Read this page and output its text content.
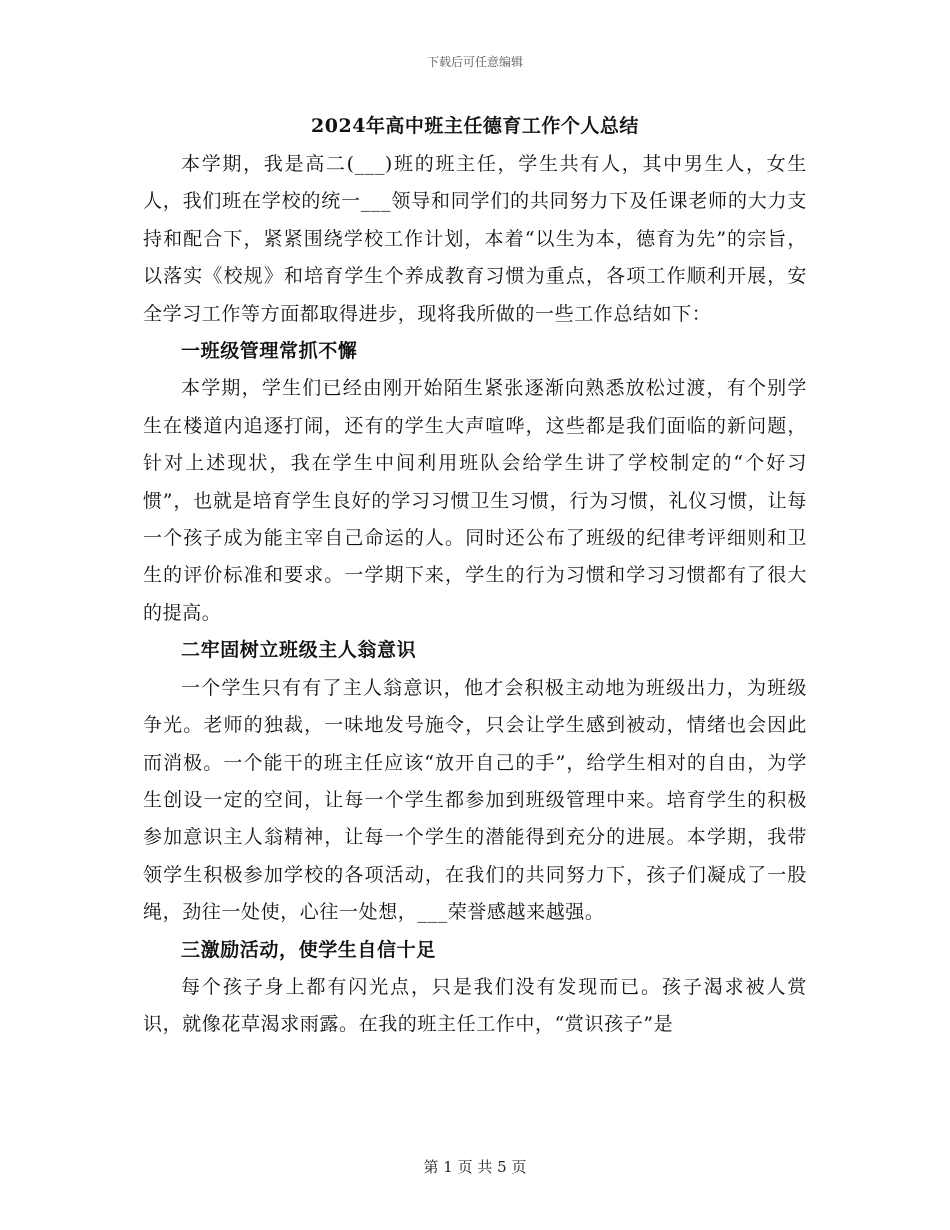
下载后可任意编辑
2024年高中班主任德育工作个人总结

本学期，我是高二(___)班的班主任，学生共有人，其中男生人，女生人，我们班在学校的统一___领导和同学们的共同努力下及任课老师的大力支持和配合下，紧紧围绕学校工作计划，本着“以生为本，德育为先”的宗旨，以落实《校规》和培育学生个养成教育习惯为重点，各项工作顺利开展，安全学习工作等方面都取得进步，现将我所做的一些工作总结如下：

一班级管理常抓不懈

本学期，学生们已经由刚开始陌生紧张逐渐向熟悉放松过渡，有个别学生在楼道内追逐打闹，还有的学生大声喧哗，这些都是我们面临的新问题，针对上述现状，我在学生中间利用班队会给学生讲了学校制定的“个好习惯”，也就是培育学生良好的学习习惯卫生习惯，行为习惯，礼仪习惯，让每一个孩子成为能主宰自己命运的人。同时还公布了班级的纪律考评细则和卫生的评价标准和要求。一学期下来，学生的行为习惯和学习习惯都有了很大的提高。

二牢固树立班级主人翁意识

一个学生只有有了主人翁意识，他才会积极主动地为班级出力，为班级争光。老师的独裁，一味地发号施令，只会让学生感到被动，情绪也会因此而消极。一个能干的班主任应该“放开自己的手”，给学生相对的自由，为学生创设一定的空间，让每一个学生都参加到班级管理中来。培育学生的积极参加意识主人翁精神，让每一个学生的潜能得到充分的进展。本学期，我带领学生积极参加学校的各项活动，在我们的共同努力下，孩子们凝成了一股绳，劲往一处使，心往一处想，___荣誉感越来越强。

三激励活动，使学生自信十足

每个孩子身上都有闪光点，只是我们没有发现而已。孩子渴求被人赏识，就像花草渴求雨露。在我的班主任工作中，“赏识孩子”是

第 1 页 共 5 页
